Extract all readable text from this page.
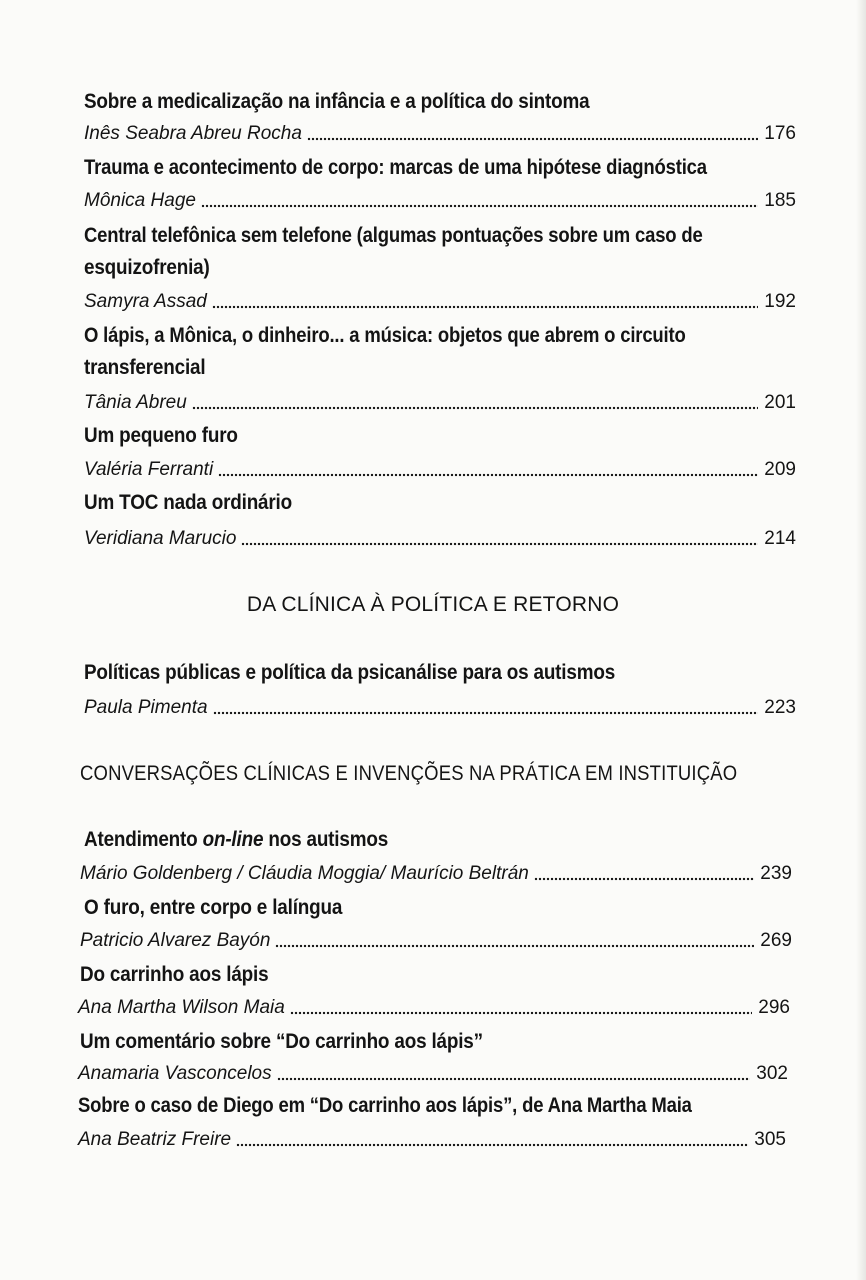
Sobre a medicalização na infância e a política do sintoma
Inês Seabra Abreu Rocha	176
Trauma e acontecimento de corpo: marcas de uma hipótese diagnóstica
Mônica Hage	185
Central telefônica sem telefone (algumas pontuações sobre um caso de
esquizofrenia)
Samyra Assad	192
O lápis, a Mônica, o dinheiro... a música: objetos que abrem o circuito
transferencial
Tânia Abreu	201
Um pequeno furo
Valéria Ferranti	209
Um TOC nada ordinário
Veridiana Marucio	214
DA CLÍNICA À POLÍTICA E RETORNO
Políticas públicas e política da psicanálise para os autismos
Paula Pimenta	223
CONVERSAÇÕES CLÍNICAS E INVENÇÕES NA PRÁTICA EM INSTITUIÇÃO
Atendimento on-line nos autismos
Mário Goldenberg / Cláudia Moggia/ Maurício Beltrán	239
O furo, entre corpo e lalíngua
Patricio Alvarez Bayón	269
Do carrinho aos lápis
Ana Martha Wilson Maia	296
Um comentário sobre “Do carrinho aos lápis”
Anamaria Vasconcelos	302
Sobre o caso de Diego em “Do carrinho aos lápis”, de Ana Martha Maia
Ana Beatriz Freire	305
